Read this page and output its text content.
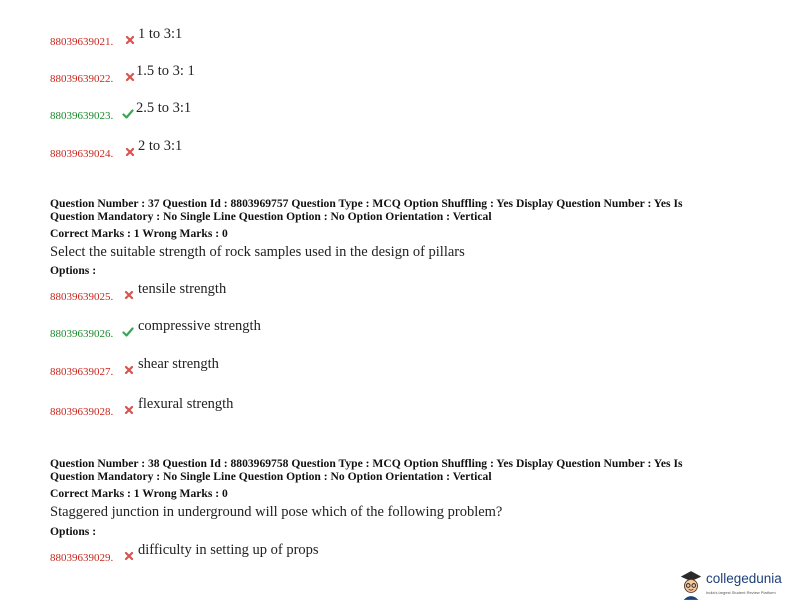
88039639021. 1 to 3:1
88039639022. 1.5 to 3: 1
88039639023. 2.5 to 3:1
88039639024. 2 to 3:1
Question Number : 37 Question Id : 8803969757 Question Type : MCQ Option Shuffling : Yes Display Question Number : Yes Is
Question Mandatory : No Single Line Question Option : No Option Orientation : Vertical
Correct Marks : 1 Wrong Marks : 0
Select the suitable strength of rock samples used in the design of pillars
Options :
88039639025. tensile strength
88039639026. compressive strength
88039639027. shear strength
88039639028. flexural strength
Question Number : 38 Question Id : 8803969758 Question Type : MCQ Option Shuffling : Yes Display Question Number : Yes Is
Question Mandatory : No Single Line Question Option : No Option Orientation : Vertical
Correct Marks : 1 Wrong Marks : 0
Staggered junction in underground will pose which of the following problem?
Options :
88039639029. difficulty in setting up of props
collegedunia
India's largest Student Review Platform
